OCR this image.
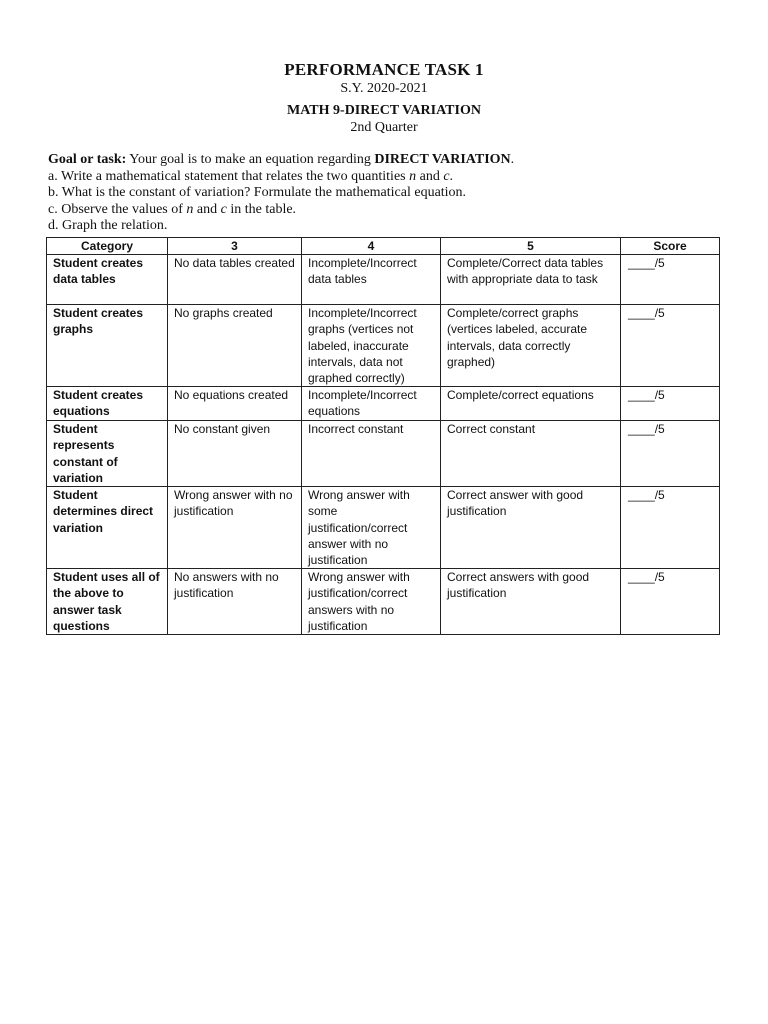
PERFORMANCE TASK 1
S.Y. 2020-2021
MATH 9-DIRECT VARIATION
2nd Quarter
Goal or task: Your goal is to make an equation regarding DIRECT VARIATION.
a. Write a mathematical statement that relates the two quantities n and c.
b. What is the constant of variation? Formulate the mathematical equation.
c. Observe the values of n and c in the table.
d. Graph the relation.
Category	3	4	5	Score
Student creates data tables	No data tables created	Incomplete/Incorrect data tables	Complete/Correct data tables with appropriate data to task	____/5
Student creates graphs	No graphs created	Incomplete/Incorrect graphs (vertices not labeled, inaccurate intervals, data not graphed correctly)	Complete/correct graphs (vertices labeled, accurate intervals, data correctly graphed)	____/5
Student creates equations	No equations created	Incomplete/Incorrect equations	Complete/correct equations	____/5
Student represents constant of variation	No constant given	Incorrect constant	Correct constant	____/5
Student determines direct variation	Wrong answer with no justification	Wrong answer with some justification/correct answer with no justification	Correct answer with good justification	____/5
Student uses all of the above to answer task questions	No answers with no justification	Wrong answer with justification/correct answers with no justification	Correct answers with good justification	____/5
